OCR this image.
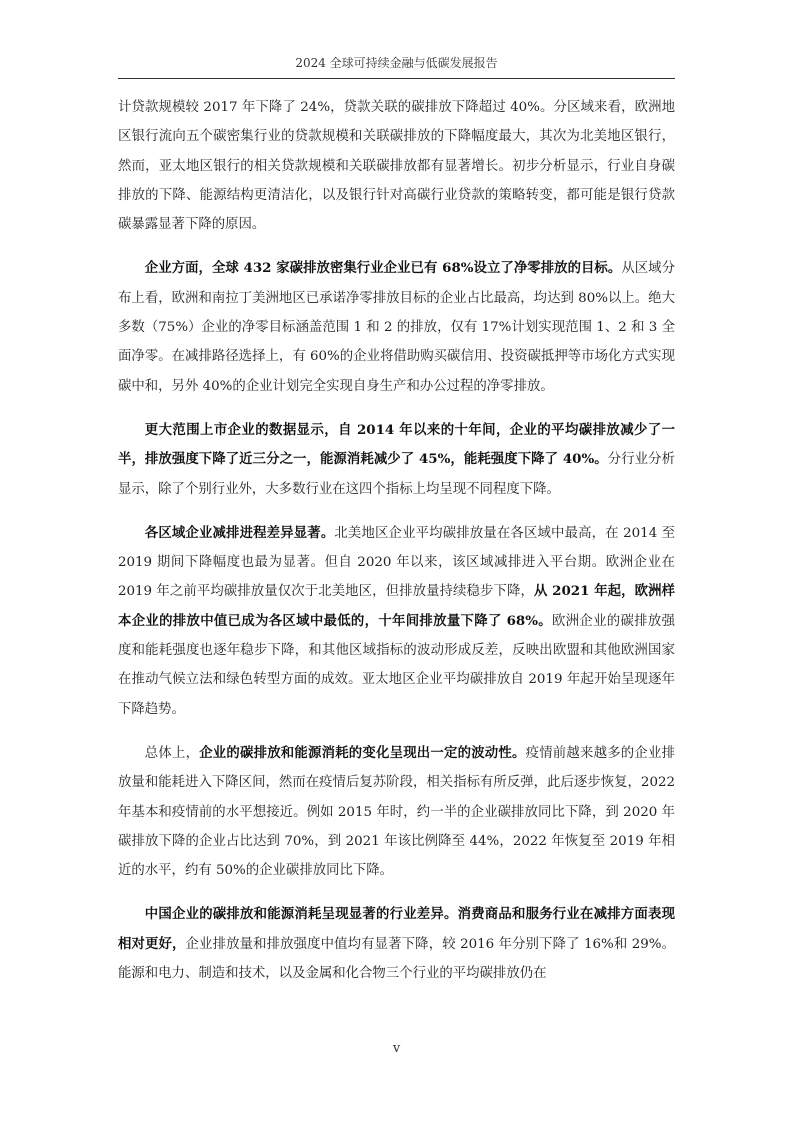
2024 全球可持续金融与低碳发展报告

计贷款规模较 2017 年下降了 24%，贷款关联的碳排放下降超过 40%。分区域来看，欧洲地区银行流向五个碳密集行业的贷款规模和关联碳排放的下降幅度最大，其次为北美地区银行，然而，亚太地区银行的相关贷款规模和关联碳排放都有显著增长。初步分析显示，行业自身碳排放的下降、能源结构更清洁化，以及银行针对高碳行业贷款的策略转变，都可能是银行贷款碳暴露显著下降的原因。

企业方面，全球 432 家碳排放密集行业企业已有 68%设立了净零排放的目标。从区域分布上看，欧洲和南拉丁美洲地区已承诺净零排放目标的企业占比最高，均达到 80%以上。绝大多数（75%）企业的净零目标涵盖范围 1 和 2 的排放，仅有 17%计划实现范围 1、2 和 3 全面净零。在减排路径选择上，有 60%的企业将借助购买碳信用、投资碳抵押等市场化方式实现碳中和，另外 40%的企业计划完全实现自身生产和办公过程的净零排放。

更大范围上市企业的数据显示，自 2014 年以来的十年间，企业的平均碳排放减少了一半，排放强度下降了近三分之一，能源消耗减少了 45%，能耗强度下降了 40%。分行业分析显示，除了个别行业外，大多数行业在这四个指标上均呈现不同程度下降。

各区域企业减排进程差异显著。北美地区企业平均碳排放量在各区域中最高，在 2014 至 2019 期间下降幅度也最为显著。但自 2020 年以来，该区域减排进入平台期。欧洲企业在 2019 年之前平均碳排放量仅次于北美地区，但排放量持续稳步下降，从 2021 年起，欧洲样本企业的排放中值已成为各区域中最低的，十年间排放量下降了 68%。欧洲企业的碳排放强度和能耗强度也逐年稳步下降，和其他区域指标的波动形成反差，反映出欧盟和其他欧洲国家在推动气候立法和绿色转型方面的成效。亚太地区企业平均碳排放自 2019 年起开始呈现逐年下降趋势。

总体上，企业的碳排放和能源消耗的变化呈现出一定的波动性。疫情前越来越多的企业排放量和能耗进入下降区间，然而在疫情后复苏阶段，相关指标有所反弹，此后逐步恢复，2022 年基本和疫情前的水平想接近。例如 2015 年时，约一半的企业碳排放同比下降，到 2020 年碳排放下降的企业占比达到 70%，到 2021 年该比例降至 44%，2022 年恢复至 2019 年相近的水平，约有 50%的企业碳排放同比下降。

中国企业的碳排放和能源消耗呈现显著的行业差异。消费商品和服务行业在减排方面表现相对更好，企业排放量和排放强度中值均有显著下降，较 2016 年分别下降了 16%和 29%。能源和电力、制造和技术，以及金属和化合物三个行业的平均碳排放仍在

v
